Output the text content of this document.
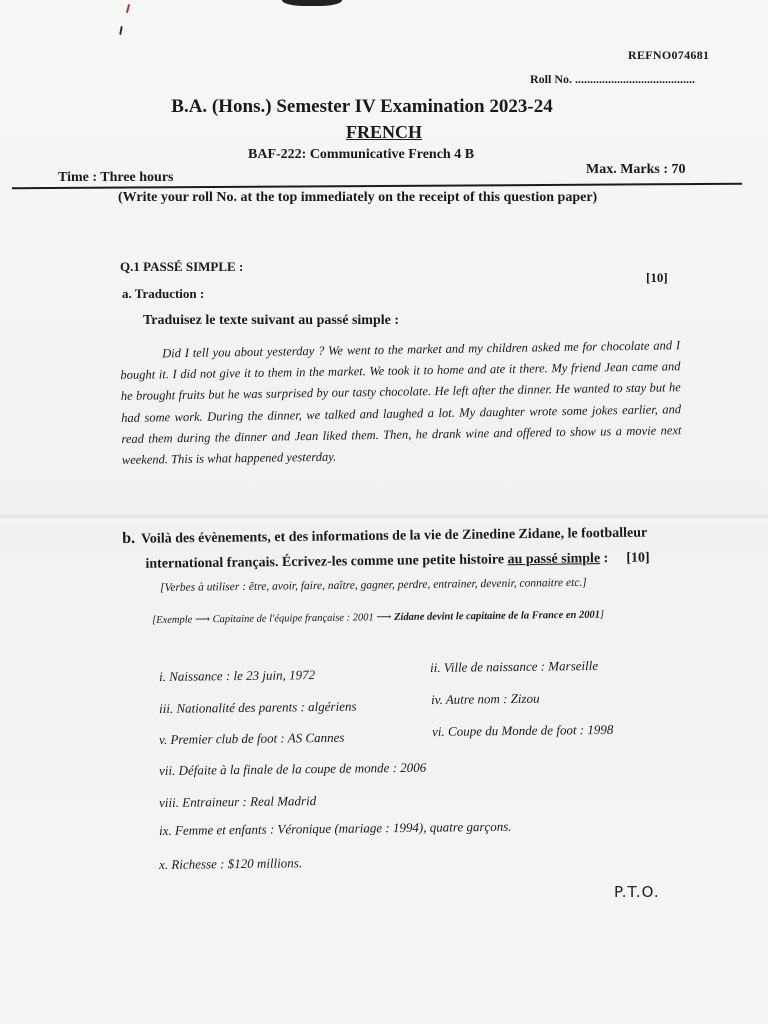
REFNO074681
Roll No. ........................................
B.A. (Hons.) Semester IV Examination 2023-24
FRENCH
BAF-222: Communicative French 4 B
Time : Three hours
Max. Marks : 70
(Write your roll No. at the top immediately on the receipt of this question paper)
Q.1 PASSÉ SIMPLE :
[10]
a. Traduction :
Traduisez le texte suivant au passé simple :
Did I tell you about yesterday ? We went to the market and my children asked me for chocolate and I bought it. I did not give it to them in the market. We took it to home and ate it there. My friend Jean came and he brought fruits but he was surprised by our tasty chocolate. He left after the dinner. He wanted to stay but he had some work. During the dinner, we talked and laughed a lot. My daughter wrote some jokes earlier, and read them during the dinner and Jean liked them. Then, he drank wine and offered to show us a movie next weekend. This is what happened yesterday.
b. Voilà des évènements, et des informations de la vie de Zinedine Zidane, le footballeur
international français. Écrivez-les comme une petite histoire au passé simple : [10]
[Verbes à utiliser : être, avoir, faire, naître, gagner, perdre, entrainer, devenir, connaitre etc.]
[Exemple ⟶ Capitaine de l'équipe française : 2001 ⟶ Zidane devint le capitaine de la France en 2001]
i. Naissance : le 23 juin, 1972
ii. Ville de naissance : Marseille
iii. Nationalité des parents : algériens	iv. Autre nom : Zizou
v. Premier club de foot : AS Cannes	vi. Coupe du Monde de foot : 1998
vii. Défaite à la finale de la coupe de monde : 2006
viii. Entraineur : Real Madrid
ix. Femme et enfants : Véronique (mariage : 1994), quatre garçons.
x. Richesse : $120 millions.
P.T.O.
